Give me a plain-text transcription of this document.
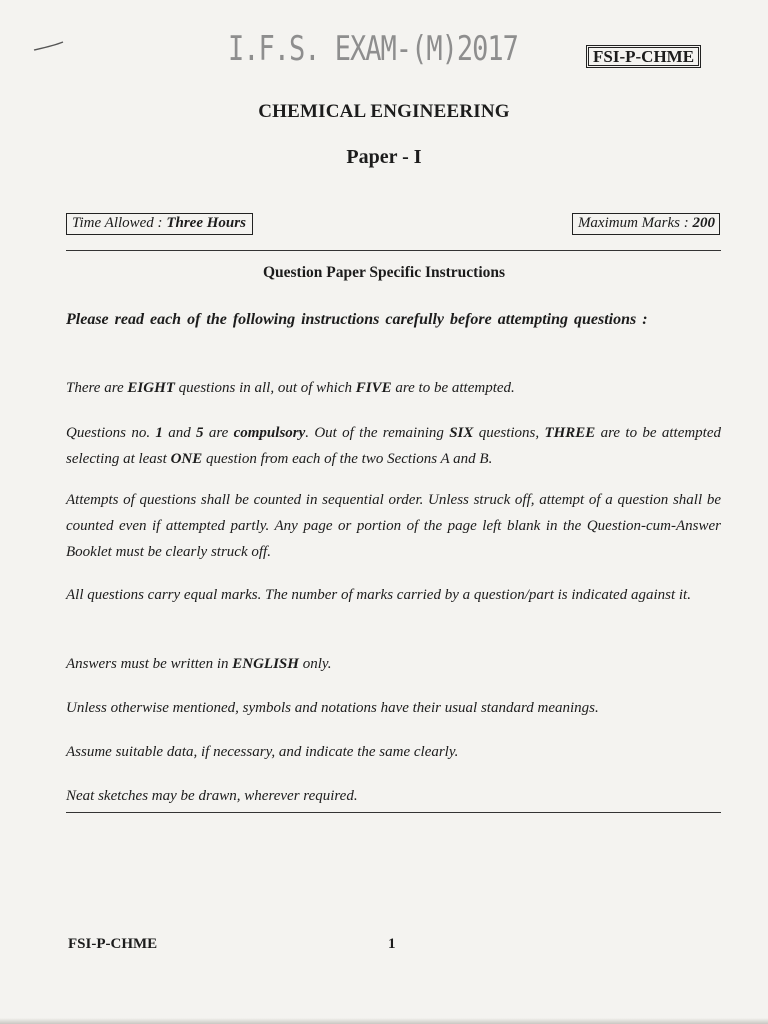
I.F.S. EXAM-(M)2017	FSI-P-CHME
CHEMICAL ENGINEERING
Paper - I
Time Allowed : Three Hours	Maximum Marks : 200
Question Paper Specific Instructions
Please read each of the following instructions carefully before attempting questions :
There are EIGHT questions in all, out of which FIVE are to be attempted.
Questions no. 1 and 5 are compulsory. Out of the remaining SIX questions, THREE are to be attempted selecting at least ONE question from each of the two Sections A and B.
Attempts of questions shall be counted in sequential order. Unless struck off, attempt of a question shall be counted even if attempted partly. Any page or portion of the page left blank in the Question-cum-Answer Booklet must be clearly struck off.
All questions carry equal marks. The number of marks carried by a question/part is indicated against it.
Answers must be written in ENGLISH only.
Unless otherwise mentioned, symbols and notations have their usual standard meanings.
Assume suitable data, if necessary, and indicate the same clearly.
Neat sketches may be drawn, wherever required.
FSI-P-CHME	1
